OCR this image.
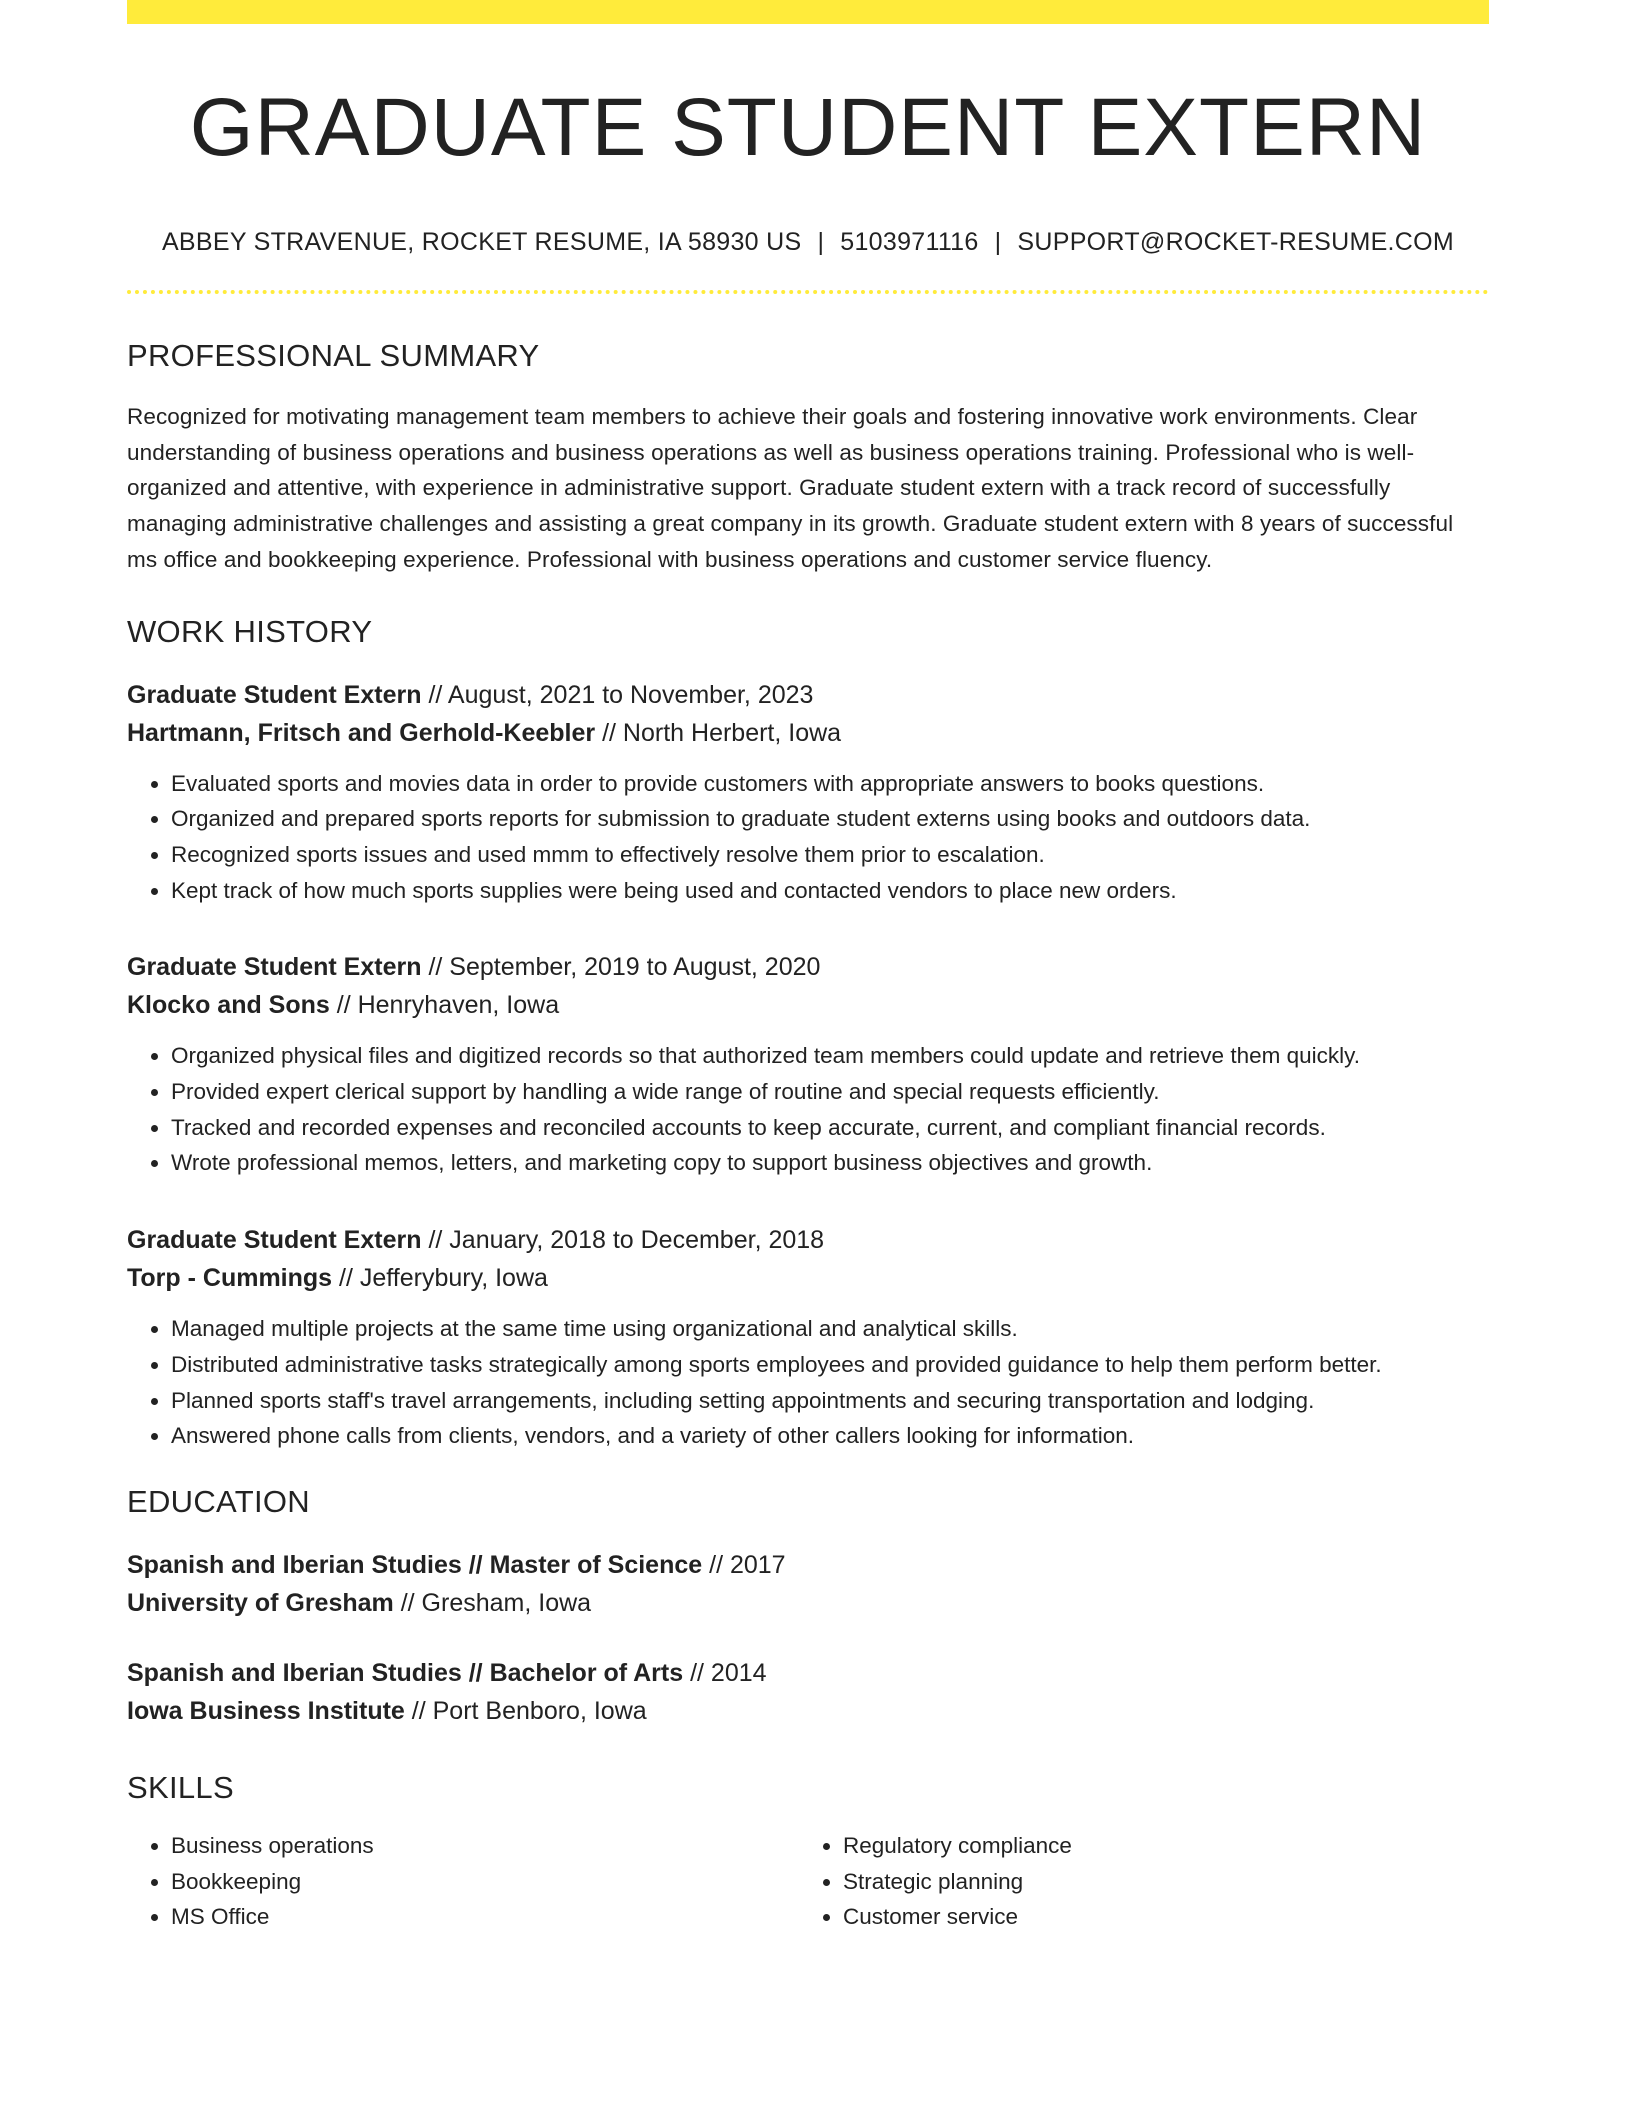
GRADUATE STUDENT EXTERN
ABBEY STRAVENUE, ROCKET RESUME, IA 58930 US | 5103971116 | SUPPORT@ROCKET-RESUME.COM
PROFESSIONAL SUMMARY
Recognized for motivating management team members to achieve their goals and fostering innovative work environments. Clear understanding of business operations and business operations as well as business operations training. Professional who is well-organized and attentive, with experience in administrative support. Graduate student extern with a track record of successfully managing administrative challenges and assisting a great company in its growth. Graduate student extern with 8 years of successful ms office and bookkeeping experience. Professional with business operations and customer service fluency.
WORK HISTORY
Graduate Student Extern // August, 2021 to November, 2023
Hartmann, Fritsch and Gerhold-Keebler // North Herbert, Iowa
• Evaluated sports and movies data in order to provide customers with appropriate answers to books questions.
• Organized and prepared sports reports for submission to graduate student externs using books and outdoors data.
• Recognized sports issues and used mmm to effectively resolve them prior to escalation.
• Kept track of how much sports supplies were being used and contacted vendors to place new orders.
Graduate Student Extern // September, 2019 to August, 2020
Klocko and Sons // Henryhaven, Iowa
• Organized physical files and digitized records so that authorized team members could update and retrieve them quickly.
• Provided expert clerical support by handling a wide range of routine and special requests efficiently.
• Tracked and recorded expenses and reconciled accounts to keep accurate, current, and compliant financial records.
• Wrote professional memos, letters, and marketing copy to support business objectives and growth.
Graduate Student Extern // January, 2018 to December, 2018
Torp - Cummings // Jefferybury, Iowa
• Managed multiple projects at the same time using organizational and analytical skills.
• Distributed administrative tasks strategically among sports employees and provided guidance to help them perform better.
• Planned sports staff's travel arrangements, including setting appointments and securing transportation and lodging.
• Answered phone calls from clients, vendors, and a variety of other callers looking for information.
EDUCATION
Spanish and Iberian Studies // Master of Science // 2017
University of Gresham // Gresham, Iowa
Spanish and Iberian Studies // Bachelor of Arts // 2014
Iowa Business Institute // Port Benboro, Iowa
SKILLS
• Business operations
• Bookkeeping
• MS Office
• Regulatory compliance
• Strategic planning
• Customer service
